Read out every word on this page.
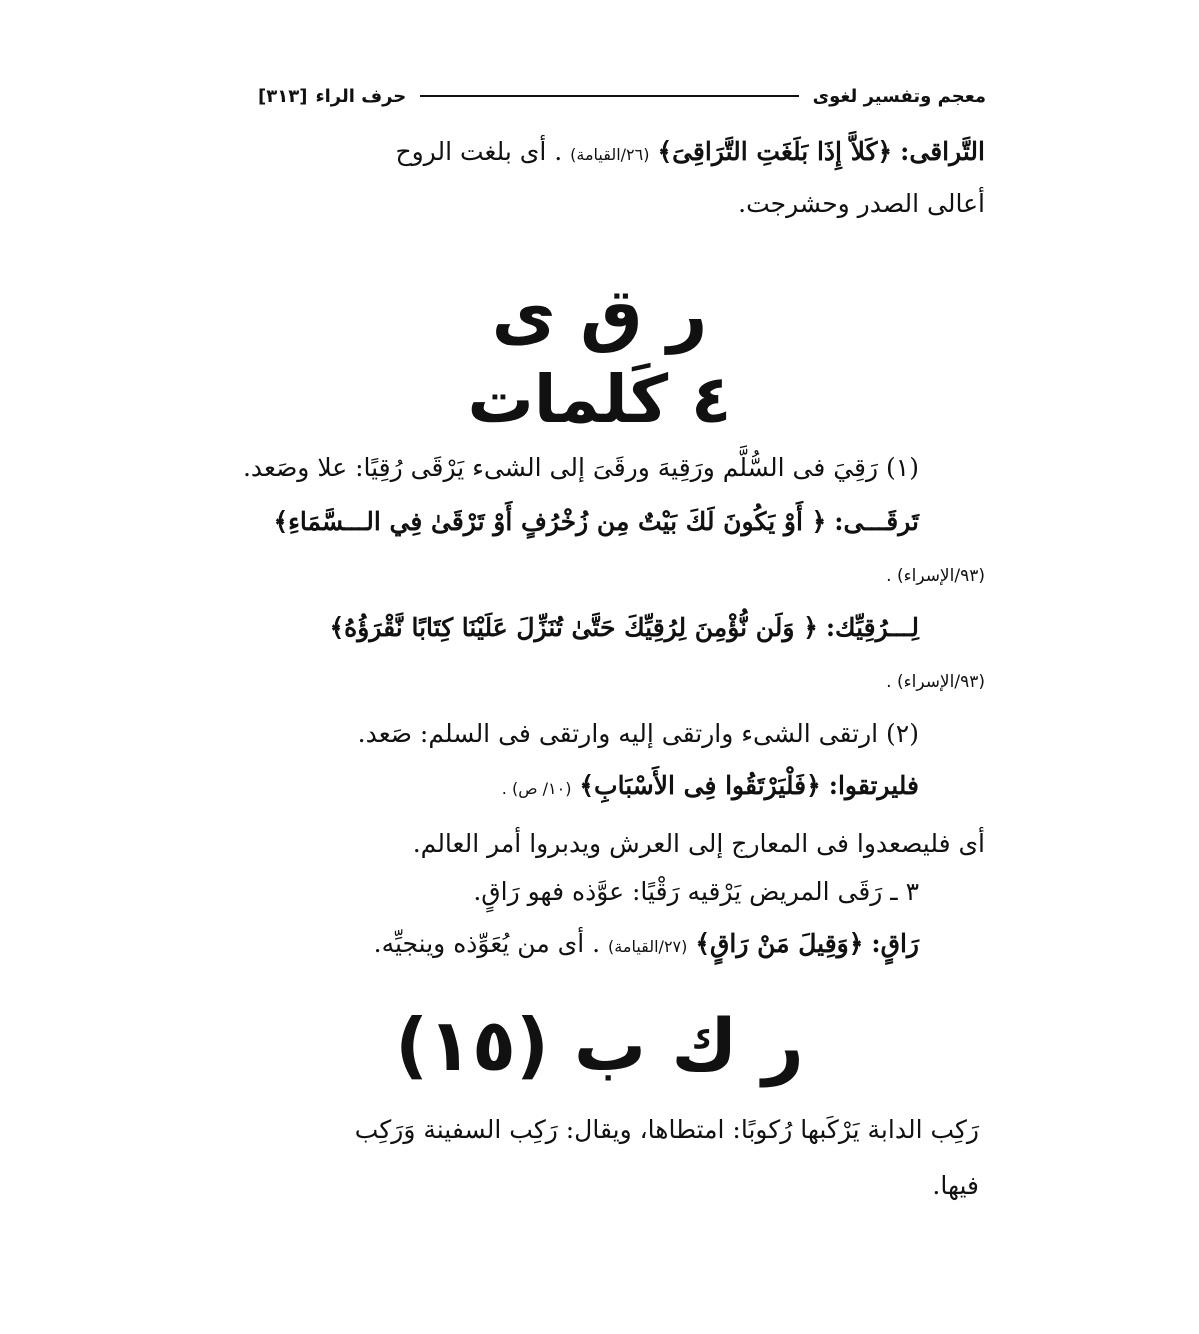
معجم وتفسير لغوى
حرف الراء
[٣١٣]
التَّراقى: ﴿كَلاَّ إِذَا بَلَغَتِ التَّرَاقِىَ﴾ (٢٦/القيامة) . أى بلغت الروح
أعالى الصدر وحشرجت.
ر ق ى
٤ كَلمات
(١) رَقِيَ فى السُّلَّم ورَقِيهَ ورقَىَ إلى الشىء يَرْقَى رُقِيًا: علا وصَعد.
تَرقَـــى: ﴿ أَوْ يَكُونَ لَكَ بَيْتٌ مِن زُخْرُفٍ أَوْ تَرْقَىٰ فِي الـــسَّمَاءِ﴾
(٩٣/الإسراء) .
لِـــرُقِيِّك: ﴿ وَلَن نُّؤْمِنَ لِرُقِيِّكَ حَتَّىٰ تُنَزِّلَ عَلَيْنَا كِتَابًا نَّقْرَؤُهُ﴾
(٩٣/الإسراء) .
(٢) ارتقى الشىء وارتقى إليه وارتقى فى السلم: صَعد.
فليرتقوا: ﴿فَلْيَرْتَقُوا فِى الأَسْبَابِ﴾ (١٠/ ص) .
أى فليصعدوا فى المعارج إلى العرش ويدبروا أمر العالم.
٣ ـ رَقَى المريض يَرْقيه رَقْيًا: عوَّذه فهو رَاقٍ.
رَاقٍ: ﴿وَقِيلَ مَنْ رَاقٍ﴾ (٢٧/القيامة) . أى من يُعَوِّذه وينجيِّه.
ر ك ب (١٥)
رَكِب الدابة يَرْكَبها رُكوبًا: امتطاها، ويقال: رَكِب السفينة وَرَكِب
فيها.
